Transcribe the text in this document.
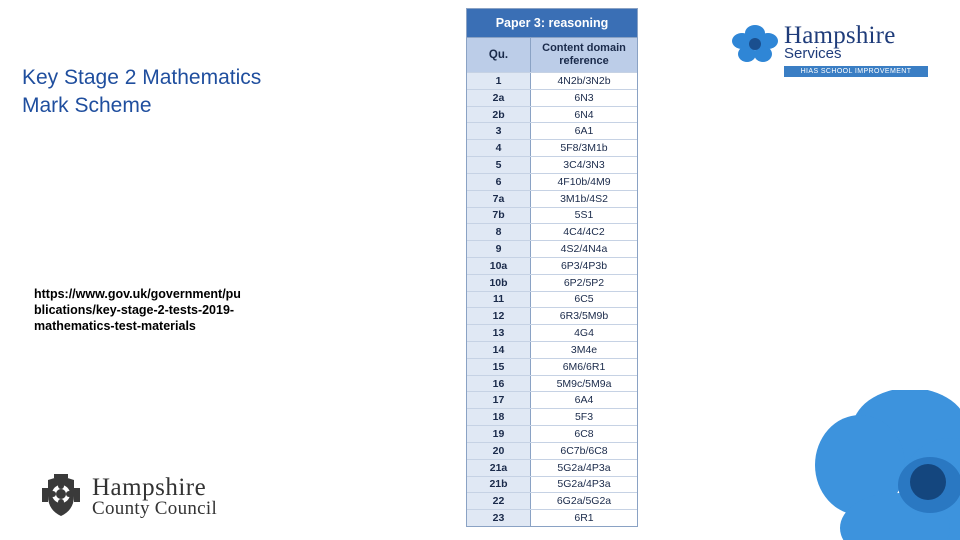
Key Stage 2 Mathematics
Mark Scheme
https://www.gov.uk/government/pu
blications/key-stage-2-tests-2019-
mathematics-test-materials
Hampshire
County Council
Paper 3: reasoning
Qu.
Content domain reference
1	4N2b/3N2b
2a	6N3
2b	6N4
3	6A1
4	5F8/3M1b
5	3C4/3N3
6	4F10b/4M9
7a	3M1b/4S2
7b	5S1
8	4C4/4C2
9	4S2/4N4a
10a	6P3/4P3b
10b	6P2/5P2
11	6C5
12	6R3/5M9b
13	4G4
14	3M4e
15	6M6/6R1
16	5M9c/5M9a
17	6A4
18	5F3
19	6C8
20	6C7b/6C8
21a	5G2a/4P3a
21b	5G2a/4P3a
22	6G2a/5G2a
23	6R1
Hampshire
Services
HIAS SCHOOL IMPROVEMENT
